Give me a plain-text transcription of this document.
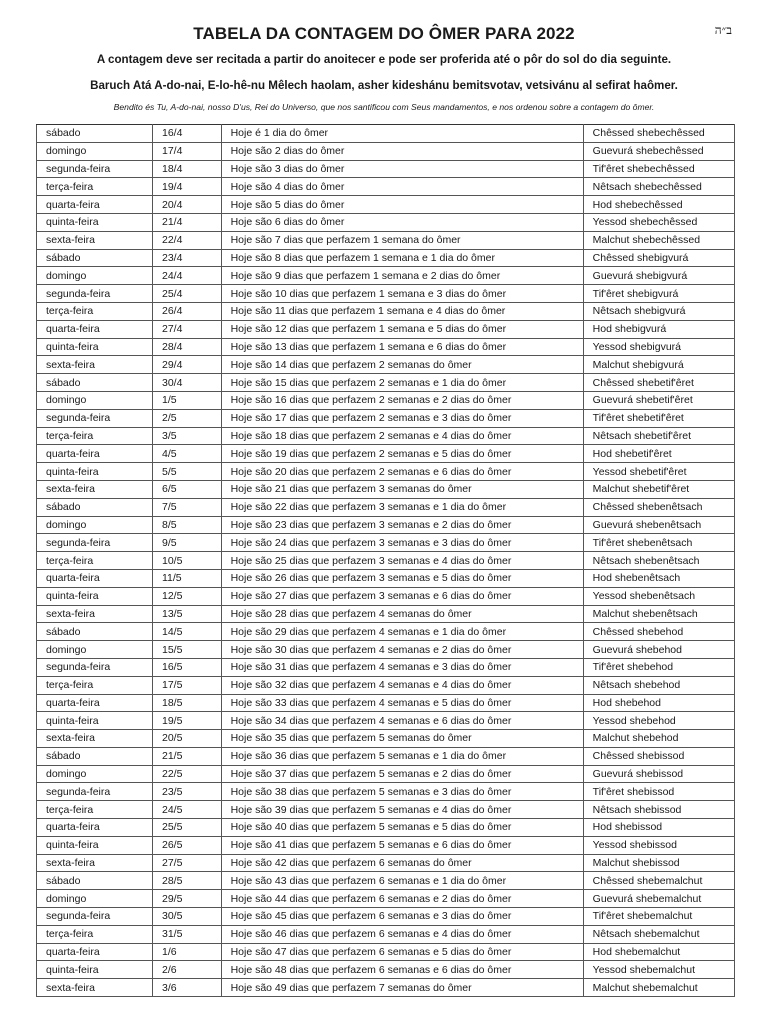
ב״ה
TABELA DA CONTAGEM DO ÔMER PARA 2022
A contagem deve ser recitada a partir do anoitecer e pode ser proferida até o pôr do sol do dia seguinte.
Baruch Atá A-do-nai, E-lo-hê-nu Mêlech haolam, asher kideshánu bemitsvotav, vetsivánu al sefirat haômer.
Bendito és Tu, A-do-nai, nosso D'us, Rei do Universo, que nos santificou com Seus mandamentos, e nos ordenou sobre a contagem do ômer.
sábado	16/4	Hoje é 1 dia do ômer	Chêssed shebechêssed
domingo	17/4	Hoje são 2 dias do ômer	Guevurá shebechêssed
segunda-feira	18/4	Hoje são 3 dias do ômer	Tif'êret shebechêssed
terça-feira	19/4	Hoje são 4 dias do ômer	Nêtsach shebechêssed
quarta-feira	20/4	Hoje são 5 dias do ômer	Hod shebechêssed
quinta-feira	21/4	Hoje são 6 dias do ômer	Yessod shebechêssed
sexta-feira	22/4	Hoje são 7 dias que perfazem 1 semana do ômer	Malchut shebechêssed
sábado	23/4	Hoje são 8 dias que perfazem 1 semana e 1 dia do ômer	Chêssed shebigvurá
domingo	24/4	Hoje são 9 dias que perfazem 1 semana e 2 dias do ômer	Guevurá shebigvurá
segunda-feira	25/4	Hoje são 10 dias que perfazem 1 semana e 3 dias do ômer	Tif'êret shebigvurá
terça-feira	26/4	Hoje são 11 dias que perfazem 1 semana e 4 dias do ômer	Nêtsach shebigvurá
quarta-feira	27/4	Hoje são 12 dias que perfazem 1 semana e 5 dias do ômer	Hod shebigvurá
quinta-feira	28/4	Hoje são 13 dias que perfazem 1 semana e 6 dias do ômer	Yessod shebigvurá
sexta-feira	29/4	Hoje são 14 dias que perfazem 2 semanas do ômer	Malchut shebigvurá
sábado	30/4	Hoje são 15 dias que perfazem 2 semanas e 1 dia do ômer	Chêssed shebetif'êret
domingo	1/5	Hoje são 16 dias que perfazem 2 semanas e 2 dias do ômer	Guevurá shebetif'êret
segunda-feira	2/5	Hoje são 17 dias que perfazem 2 semanas e 3 dias do ômer	Tif'êret shebetif'êret
terça-feira	3/5	Hoje são 18 dias que perfazem 2 semanas e 4 dias do ômer	Nêtsach shebetif'êret
quarta-feira	4/5	Hoje são 19 dias que perfazem 2 semanas e 5 dias do ômer	Hod shebetif'êret
quinta-feira	5/5	Hoje são 20 dias que perfazem 2 semanas e 6 dias do ômer	Yessod shebetif'êret
sexta-feira	6/5	Hoje são 21 dias que perfazem 3 semanas do ômer	Malchut shebetif'êret
sábado	7/5	Hoje são 22 dias que perfazem 3 semanas e 1 dia do ômer	Chêssed shebenêtsach
domingo	8/5	Hoje são 23 dias que perfazem 3 semanas e 2 dias do ômer	Guevurá shebenêtsach
segunda-feira	9/5	Hoje são 24 dias que perfazem 3 semanas e 3 dias do ômer	Tif'êret shebenêtsach
terça-feira	10/5	Hoje são 25 dias que perfazem 3 semanas e 4 dias do ômer	Nêtsach shebenêtsach
quarta-feira	11/5	Hoje são 26 dias que perfazem 3 semanas e 5 dias do ômer	Hod shebenêtsach
quinta-feira	12/5	Hoje são 27 dias que perfazem 3 semanas e 6 dias do ômer	Yessod shebenêtsach
sexta-feira	13/5	Hoje são 28 dias que perfazem 4 semanas do ômer	Malchut shebenêtsach
sábado	14/5	Hoje são 29 dias que perfazem 4 semanas e 1 dia do ômer	Chêssed shebehod
domingo	15/5	Hoje são 30 dias que perfazem 4 semanas e 2 dias do ômer	Guevurá shebehod
segunda-feira	16/5	Hoje são 31 dias que perfazem 4 semanas e 3 dias do ômer	Tif'êret shebehod
terça-feira	17/5	Hoje são 32 dias que perfazem 4 semanas e 4 dias do ômer	Nêtsach shebehod
quarta-feira	18/5	Hoje são 33 dias que perfazem 4 semanas e 5 dias do ômer	Hod shebehod
quinta-feira	19/5	Hoje são 34 dias que perfazem 4 semanas e 6 dias do ômer	Yessod shebehod
sexta-feira	20/5	Hoje são 35 dias que perfazem 5 semanas do ômer	Malchut shebehod
sábado	21/5	Hoje são 36 dias que perfazem 5 semanas e 1 dia do ômer	Chêssed shebissod
domingo	22/5	Hoje são 37 dias que perfazem 5 semanas e 2 dias do ômer	Guevurá shebissod
segunda-feira	23/5	Hoje são 38 dias que perfazem 5 semanas e 3 dias do ômer	Tif'êret shebissod
terça-feira	24/5	Hoje são 39 dias que perfazem 5 semanas e 4 dias do ômer	Nêtsach shebissod
quarta-feira	25/5	Hoje são 40 dias que perfazem 5 semanas e 5 dias do ômer	Hod shebissod
quinta-feira	26/5	Hoje são 41 dias que perfazem 5 semanas e 6 dias do ômer	Yessod shebissod
sexta-feira	27/5	Hoje são 42 dias que perfazem 6 semanas do ômer	Malchut shebissod
sábado	28/5	Hoje são 43 dias que perfazem 6 semanas e 1 dia do ômer	Chêssed shebemalchut
domingo	29/5	Hoje são 44 dias que perfazem 6 semanas e 2 dias do ômer	Guevurá shebemalchut
segunda-feira	30/5	Hoje são 45 dias que perfazem 6 semanas e 3 dias do ômer	Tif'êret shebemalchut
terça-feira	31/5	Hoje são 46 dias que perfazem 6 semanas e 4 dias do ômer	Nêtsach shebemalchut
quarta-feira	1/6	Hoje são 47 dias que perfazem 6 semanas e 5 dias do ômer	Hod shebemalchut
quinta-feira	2/6	Hoje são 48 dias que perfazem 6 semanas e 6 dias do ômer	Yessod shebemalchut
sexta-feira	3/6	Hoje são 49 dias que perfazem 7 semanas do ômer	Malchut shebemalchut
